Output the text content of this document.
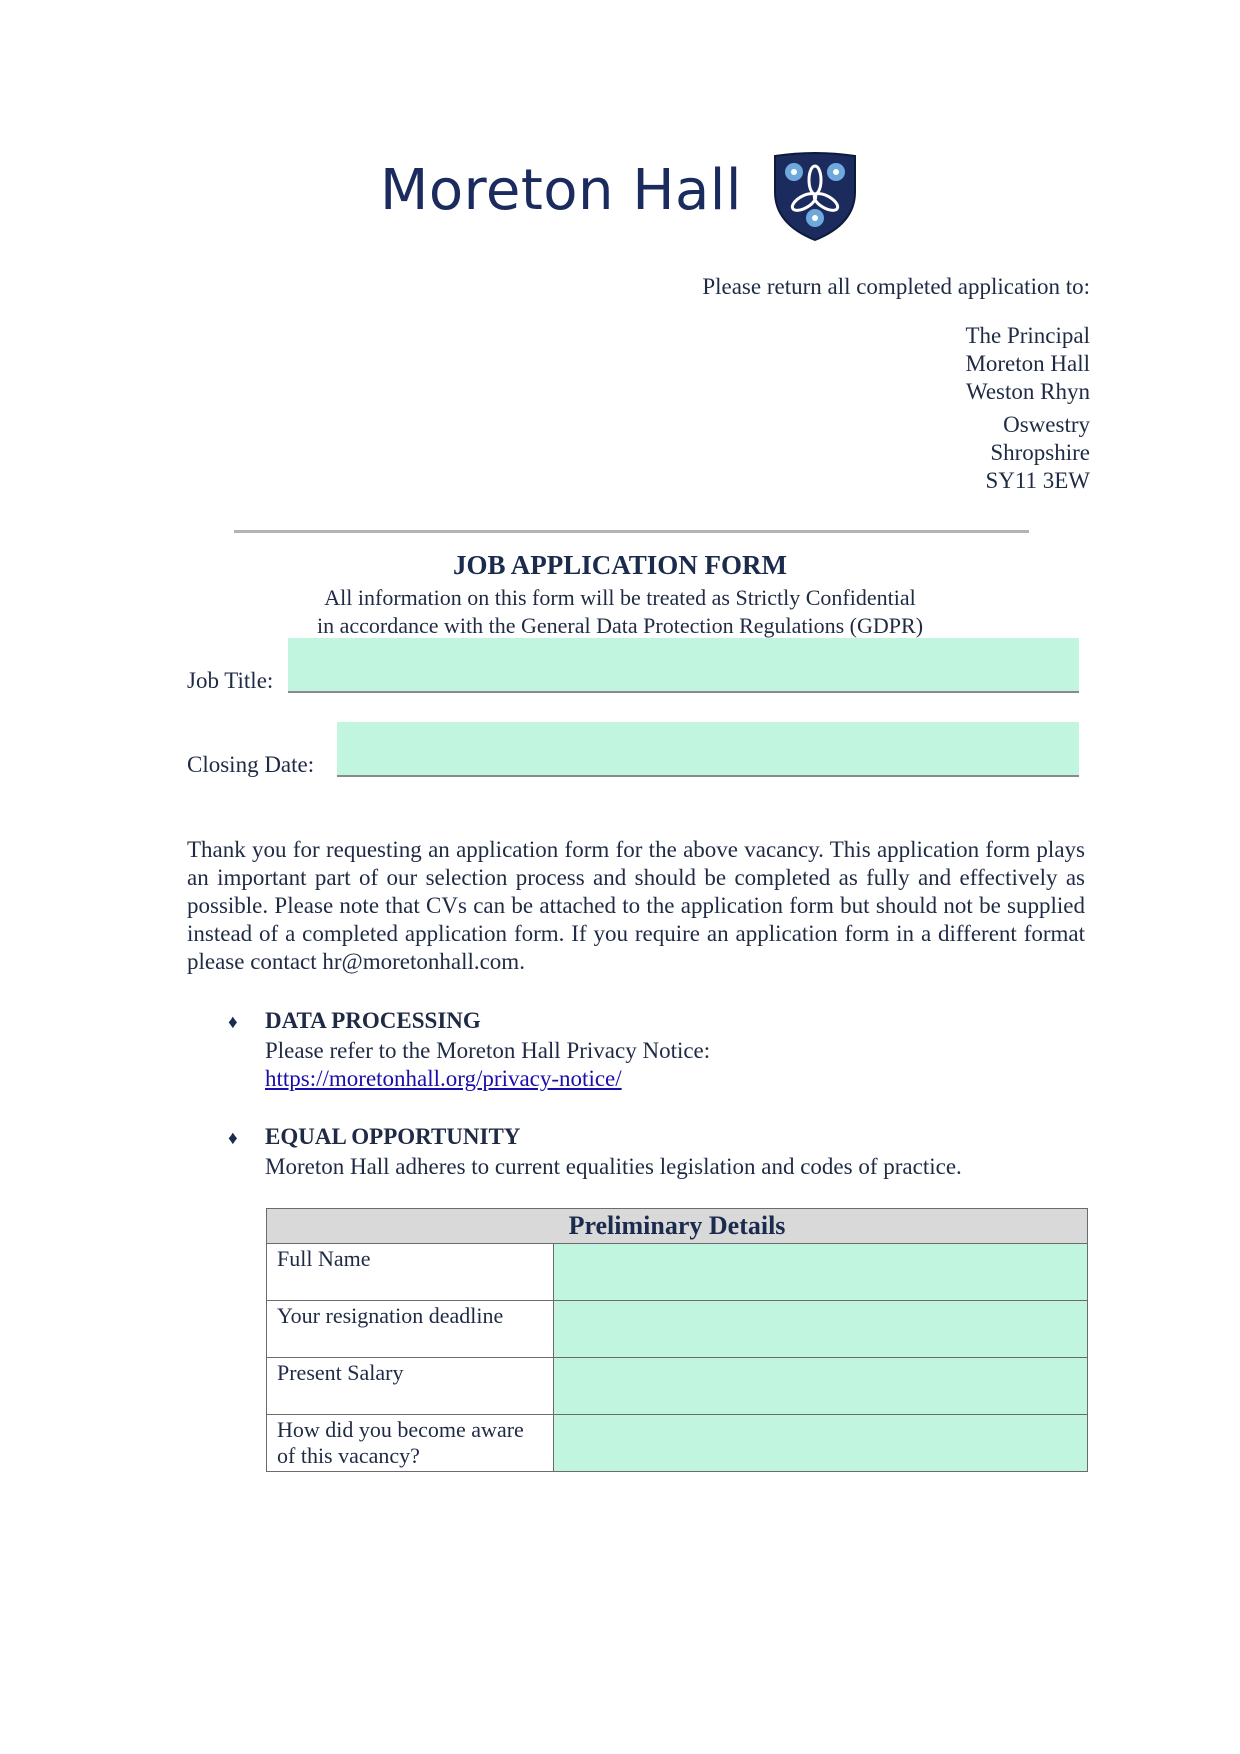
Moreton Hall
Please return all completed application to:
The Principal
Moreton Hall
Weston Rhyn
Oswestry
Shropshire
SY11 3EW
JOB APPLICATION FORM
All information on this form will be treated as Strictly Confidential
in accordance with the General Data Protection Regulations (GDPR)
Job Title:
Closing Date:
Thank you for requesting an application form for the above vacancy. This application form plays an important part of our selection process and should be completed as fully and effectively as possible. Please note that CVs can be attached to the application form but should not be supplied instead of a completed application form. If you require an application form in a different format please contact hr@moretonhall.com.
♦ DATA PROCESSING
Please refer to the Moreton Hall Privacy Notice:
https://moretonhall.org/privacy-notice/
♦ EQUAL OPPORTUNITY
Moreton Hall adheres to current equalities legislation and codes of practice.
Preliminary Details	
Full Name	
Your resignation deadline	
Present Salary	
How did you become aware of this vacancy?	
